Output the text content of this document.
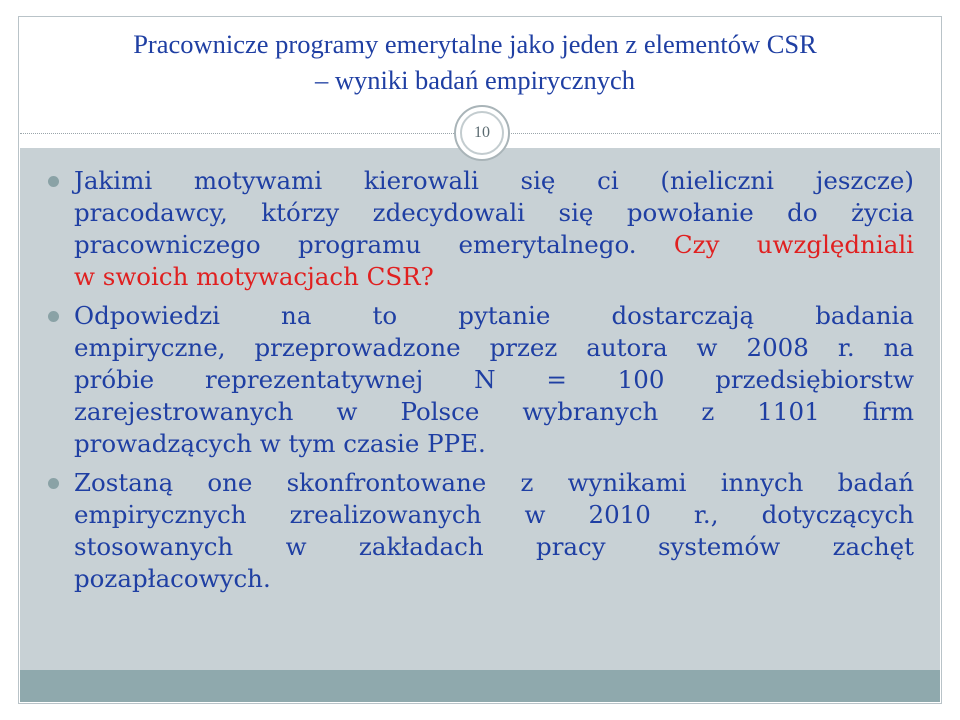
Pracownicze programy emerytalne jako jeden z elementów CSR
– wyniki badań empirycznych
10
Jakimi motywami kierowali się ci (nieliczni jeszcze)
pracodawcy, którzy zdecydowali się powołanie do życia
pracowniczego programu emerytalnego. Czy uwzględniali
w swoich motywacjach CSR?
Odpowiedzi na to pytanie dostarczają badania
empiryczne, przeprowadzone przez autora w 2008 r. na
próbie reprezentatywnej N = 100 przedsiębiorstw
zarejestrowanych w Polsce wybranych z 1101 firm
prowadzących w tym czasie PPE.
Zostaną one skonfrontowane z wynikami innych badań
empirycznych zrealizowanych w 2010 r., dotyczących
stosowanych w zakładach pracy systemów zachęt
pozapłacowych.
